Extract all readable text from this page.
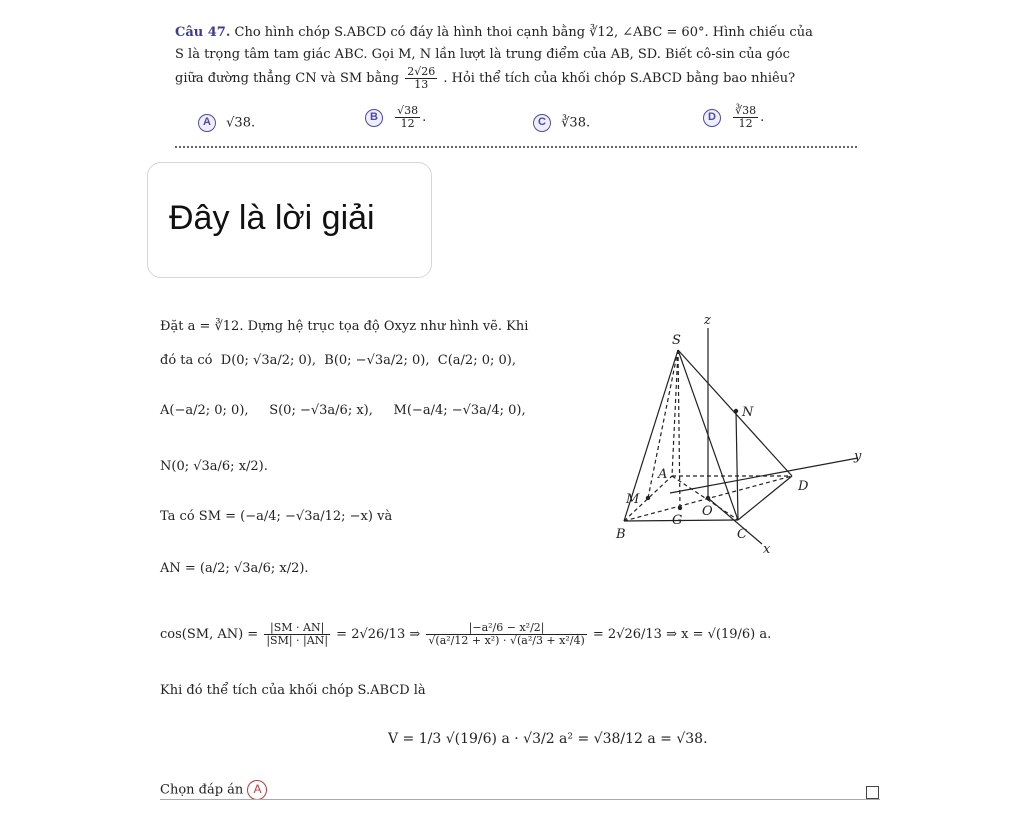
Câu 47. Cho hình chóp S.ABCD có đáy là hình thoi cạnh bằng ∛12, ∠ABC = 60°. Hình chiếu của
S là trọng tâm tam giác ABC. Gọi M, N lần lượt là trung điểm của AB, SD. Biết cô-sin của góc
giữa đường thẳng CN và SM bằng $\frac{2√26}{13}$ . Hỏi thể tích của khối chóp S.ABCD bằng bao nhiêu?
A √38.	B $\frac{√38}{12}$ .	C ∛38.	D $\frac{∛38}{12}$ .
Đây là lời giải
Đặt a = ∛12. Dựng hệ trục tọa độ Oxyz như hình vẽ. Khi
đó ta có D(0; √3a/2; 0), B(0; −√3a/2; 0), C(a/2; 0; 0),
A(−a/2; 0; 0), S(0; −√3a/6; x), M(−a/4; −√3a/4; 0),
N(0; √3a/6; x/2).
Ta có SM = (−a/4; −√3a/12; −x) và
AN = (a/2; √3a/6; x/2).
cos(SM, $AN) = \frac{|SM \cdot AN|}{|SM| \cdot |AN|} = 2√26/13$ ⇒ $\frac{\text{|−a²/6 − x²/2|}}{\text{√(a²/12 + x²) · √(a²/3 + x²/4)}} = 2√26/13$ ⇒ x = √(19/6) a.
Khi đó thể tích của khối chóp S.ABCD là
V = 1/3 √(19/6) a · √3/2 a² = √38/12 a = √38.
Chọn đáp án A
S
N
A
M
B
G
O
C
D
x
y
z
